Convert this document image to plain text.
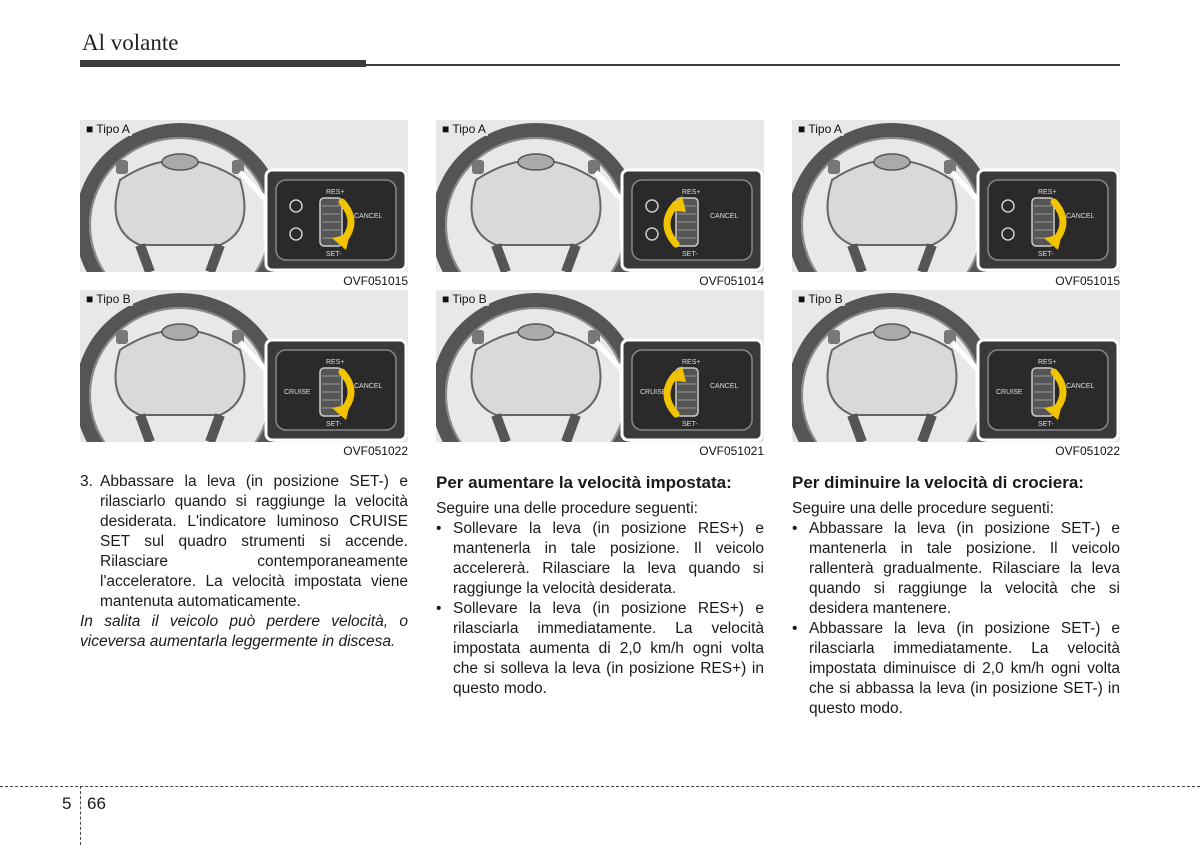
Al volante
RES+
SET-
CANCEL
■ Tipo A
OVF051015
RES+
SET-
CANCEL
CRUISE
■ Tipo B
OVF051022
RES+
SET-
CANCEL
■ Tipo A
OVF051014
RES+
SET-
CANCEL
CRUISE
■ Tipo B
OVF051021
RES+
SET-
CANCEL
■ Tipo A
OVF051015
RES+
SET-
CANCEL
CRUISE
■ Tipo B
OVF051022
3. Abbassare la leva (in posizione SET-) e rilasciarlo quando si raggiunge la velocità desiderata. L'indicatore luminoso CRUISE SET sul quadro strumenti si accende. Rilasciare contemporaneamente l'acceleratore. La velocità impostata viene mantenuta automaticamente.

In salita il veicolo può perdere velocità, o viceversa aumentarla leggermente in discesa.

Per aumentare la velocità impostata:

Seguire una delle procedure seguenti:

• Sollevare la leva (in posizione RES+) e mantenerla in tale posizione. Il veicolo accelererà. Rilasciare la leva quando si raggiunge la velocità desiderata.
• Sollevare la leva (in posizione RES+) e rilasciarla immediatamente. La velocità impostata aumenta di 2,0 km/h ogni volta che si solleva la leva (in posizione RES+) in questo modo.
Per diminuire la velocità di crociera:

Seguire una delle procedure seguenti:

• Abbassare la leva (in posizione SET-) e mantenerla in tale posizione. Il veicolo rallenterà gradualmente. Rilasciare la leva quando si raggiunge la velocità che si desidera mantenere.
• Abbassare la leva (in posizione SET-) e rilasciarla immediatamente. La velocità impostata diminuisce di 2,0 km/h ogni volta che si abbassa la leva (in posizione SET-) in questo modo.
5 66
